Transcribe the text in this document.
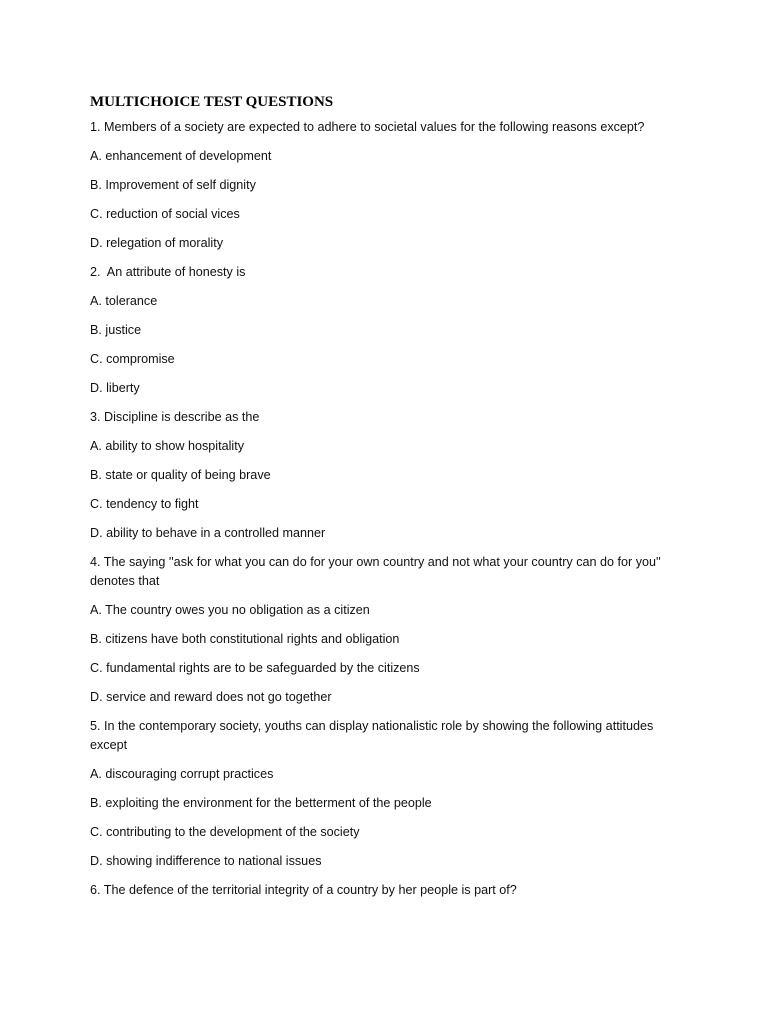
MULTICHOICE TEST QUESTIONS

1. Members of a society are expected to adhere to societal values for the following reasons except?

A. enhancement of development

B. Improvement of self dignity

C. reduction of social vices

D. relegation of morality

2.  An attribute of honesty is

A. tolerance

B. justice

C. compromise

D. liberty

3. Discipline is describe as the

A. ability to show hospitality

B. state or quality of being brave

C. tendency to fight

D. ability to behave in a controlled manner

4. The saying ''ask for what you can do for your own country and not what your country can do for you'' denotes that

A. The country owes you no obligation as a citizen

B. citizens have both constitutional rights and obligation

C. fundamental rights are to be safeguarded by the citizens

D. service and reward does not go together

5. In the contemporary society, youths can display nationalistic role by showing the following attitudes except

A. discouraging corrupt practices

B. exploiting the environment for the betterment of the people

C. contributing to the development of the society

D. showing indifference to national issues

6. The defence of the territorial integrity of a country by her people is part of?
